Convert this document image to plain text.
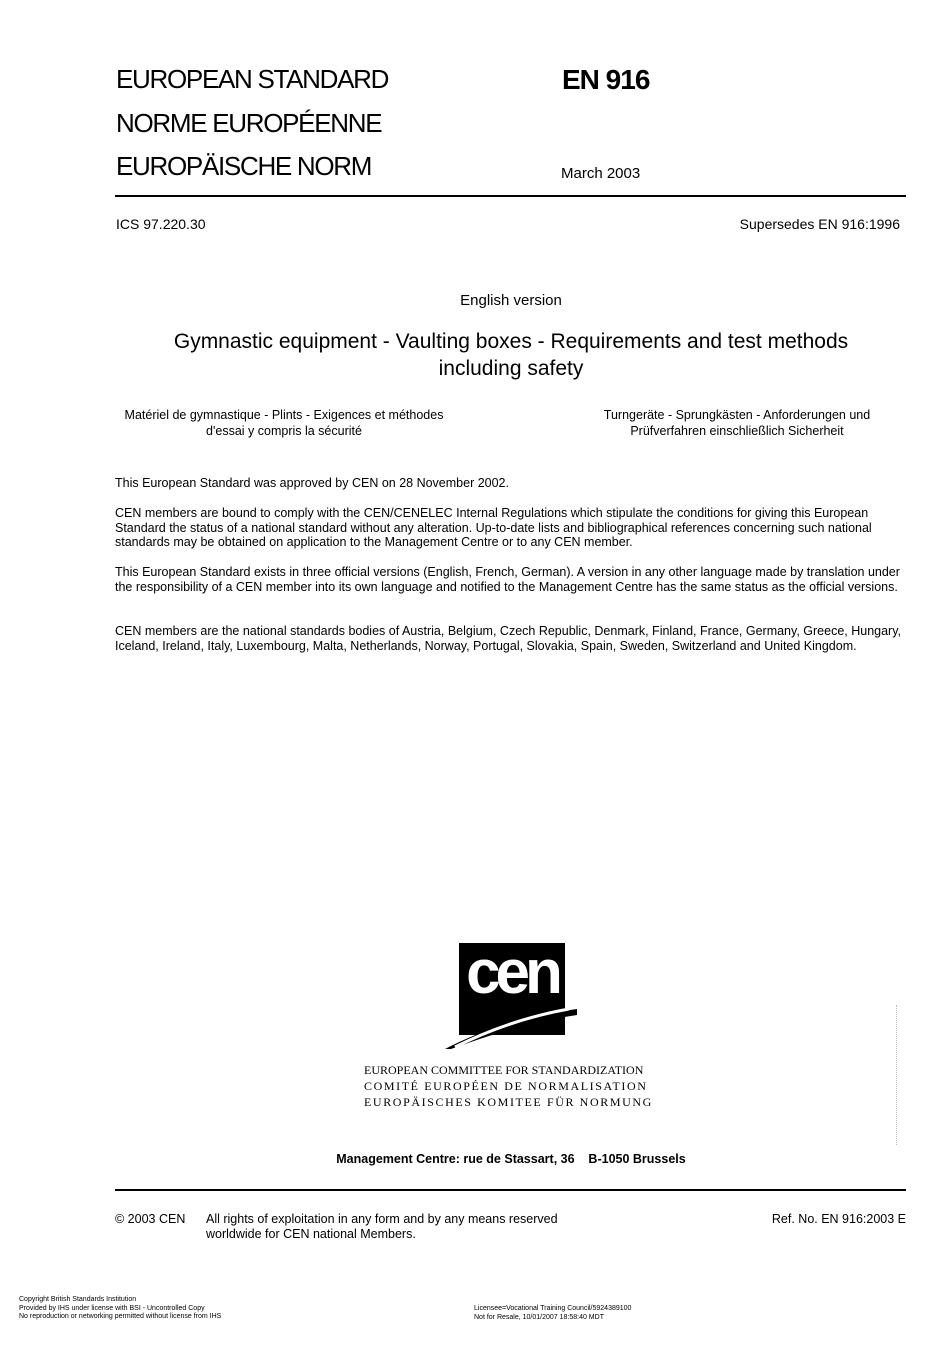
EUROPEAN STANDARD
NORME EUROPÉENNE
EUROPÄISCHE NORM
EN 916
March 2003
ICS 97.220.30	Supersedes EN 916:1996
English version
Gymnastic equipment - Vaulting boxes - Requirements and test methods including safety
Matériel de gymnastique - Plints - Exigences et méthodes d'essai y compris la sécurité
Turngeräte - Sprungkästen - Anforderungen und Prüfverfahren einschließlich Sicherheit
This European Standard was approved by CEN on 28 November 2002.
CEN members are bound to comply with the CEN/CENELEC Internal Regulations which stipulate the conditions for giving this European Standard the status of a national standard without any alteration. Up-to-date lists and bibliographical references concerning such national standards may be obtained on application to the Management Centre or to any CEN member.
This European Standard exists in three official versions (English, French, German). A version in any other language made by translation under the responsibility of a CEN member into its own language and notified to the Management Centre has the same status as the official versions.
CEN members are the national standards bodies of Austria, Belgium, Czech Republic, Denmark, Finland, France, Germany, Greece, Hungary, Iceland, Ireland, Italy, Luxembourg, Malta, Netherlands, Norway, Portugal, Slovakia, Spain, Sweden, Switzerland and United Kingdom.
cen
EUROPEAN COMMITTEE FOR STANDARDIZATION
COMITÉ EUROPÉEN DE NORMALISATION
EUROPÄISCHES KOMITEE FÜR NORMUNG
Management Centre: rue de Stassart, 36    B-1050 Brussels
© 2003 CEN All rights of exploitation in any form and by any means reserved worldwide for CEN national Members.
Ref. No. EN 916:2003 E
Copyright British Standards Institution
Provided by IHS under license with BSI - Uncontrolled Copy
No reproduction or networking permitted without license from IHS
Licensee=Vocational Training Council/5924389100
Not for Resale, 10/01/2007 18:58:40 MDT
